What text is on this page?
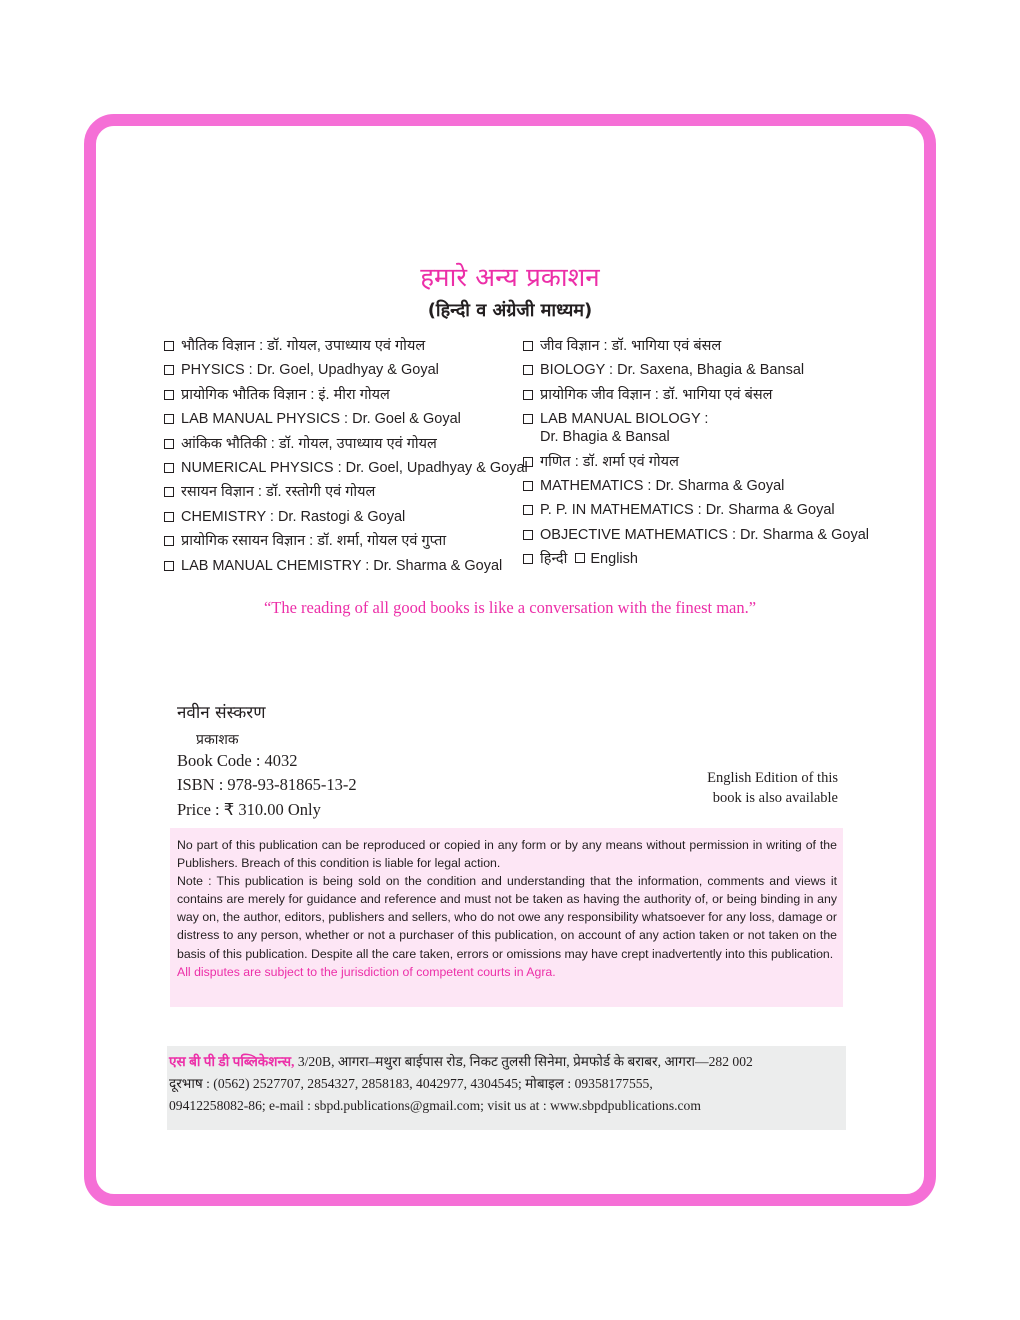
हमारे अन्य प्रकाशन
(हिन्दी व अंग्रेजी माध्यम)
भौतिक विज्ञान : डॉ. गोयल, उपाध्याय एवं गोयल
PHYSICS : Dr. Goel, Upadhyay & Goyal
प्रायोगिक भौतिक विज्ञान : इं. मीरा गोयल
LAB MANUAL PHYSICS : Dr. Goel & Goyal
आंकिक भौतिकी : डॉ. गोयल, उपाध्याय एवं गोयल
NUMERICAL PHYSICS : Dr. Goel, Upadhyay & Goyal
रसायन विज्ञान : डॉ. रस्तोगी एवं गोयल
CHEMISTRY : Dr. Rastogi & Goyal
प्रायोगिक रसायन विज्ञान : डॉ. शर्मा, गोयल एवं गुप्ता
LAB MANUAL CHEMISTRY : Dr. Sharma & Goyal
जीव विज्ञान : डॉ. भागिया एवं बंसल
BIOLOGY : Dr. Saxena, Bhagia & Bansal
प्रायोगिक जीव विज्ञान : डॉ. भागिया एवं बंसल
LAB MANUAL BIOLOGY :
Dr. Bhagia & Bansal
गणित : डॉ. शर्मा एवं गोयल
MATHEMATICS : Dr. Sharma & Goyal
P. P. IN MATHEMATICS : Dr. Sharma & Goyal
OBJECTIVE MATHEMATICS : Dr. Sharma & Goyal
हिन्दी English
“The reading of all good books is like a conversation with the finest man.”
नवीन संस्करण
प्रकाशक
Book Code : 4032
ISBN : 978-93-81865-13-2
Price : ₹ 310.00 Only
English Edition of this
book is also available

No part of this publication can be reproduced or copied in any form or by any means without permission in writing of the Publishers. Breach of this condition is liable for legal action.

Note : This publication is being sold on the condition and understanding that the information, comments and views it contains are merely for guidance and reference and must not be taken as having the authority of, or being binding in any way on, the author, editors, publishers and sellers, who do not owe any responsibility whatsoever for any loss, damage or distress to any person, whether or not a purchaser of this publication, on account of any action taken or not taken on the basis of this publication. Despite all the care taken, errors or omissions may have crept inadvertently into this publication.

All disputes are subject to the jurisdiction of competent courts in Agra.

एस बी पी डी पब्लिकेशन्स, 3/20B, आगरा–मथुरा बाईपास रोड, निकट तुलसी सिनेमा, प्रेमफोर्ड के बराबर, आगरा—282 002
दूरभाष : (0562) 2527707, 2854327, 2858183, 4042977, 4304545; मोबाइल : 09358177555,
09412258082-86; e-mail : sbpd.publications@gmail.com; visit us at : www.sbpdpublications.com
